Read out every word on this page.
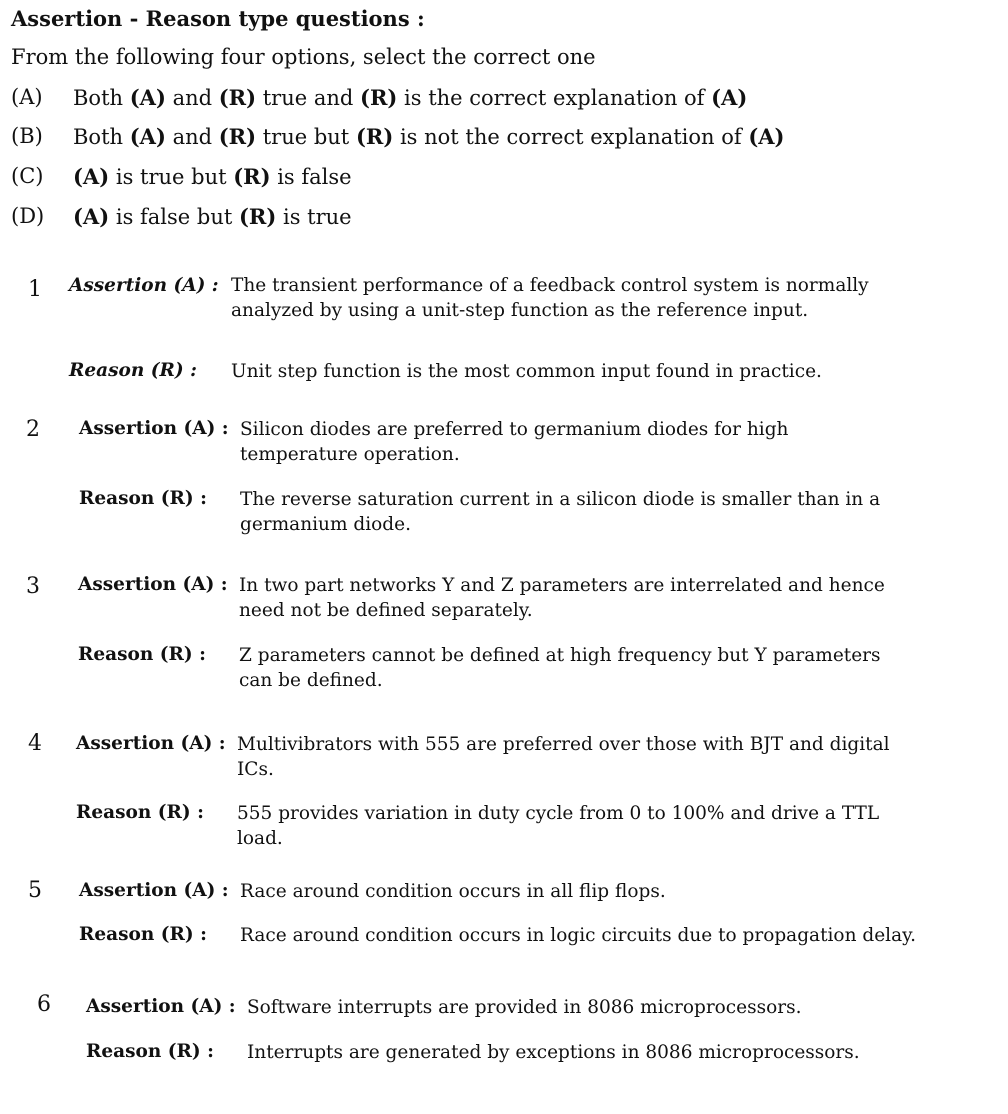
Assertion - Reason type questions :
From the following four options, select the correct one
(A) Both (A) and (R) true and (R) is the correct explanation of (A)
(B) Both (A) and (R) true but (R) is not the correct explanation of (A)
(C) (A) is true but (R) is false
(D) (A) is false but (R) is true
1 Assertion (A) : The transient performance of a feedback control system is normally analyzed by using a unit-step function as the reference input.
Reason (R) : Unit step function is the most common input found in practice.
2 Assertion (A) : Silicon diodes are preferred to germanium diodes for high temperature operation.
Reason (R) : The reverse saturation current in a silicon diode is smaller than in a germanium diode.
3 Assertion (A) : In two part networks Y and Z parameters are interrelated and hence need not be defined separately.
Reason (R) : Z parameters cannot be defined at high frequency but Y parameters can be defined.
4 Assertion (A) : Multivibrators with 555 are preferred over those with BJT and digital ICs.
Reason (R) : 555 provides variation in duty cycle from 0 to 100% and drive a TTL load.
5 Assertion (A) : Race around condition occurs in all flip flops.
Reason (R) : Race around condition occurs in logic circuits due to propagation delay.
6 Assertion (A) : Software interrupts are provided in 8086 microprocessors.
Reason (R) : Interrupts are generated by exceptions in 8086 microprocessors.
